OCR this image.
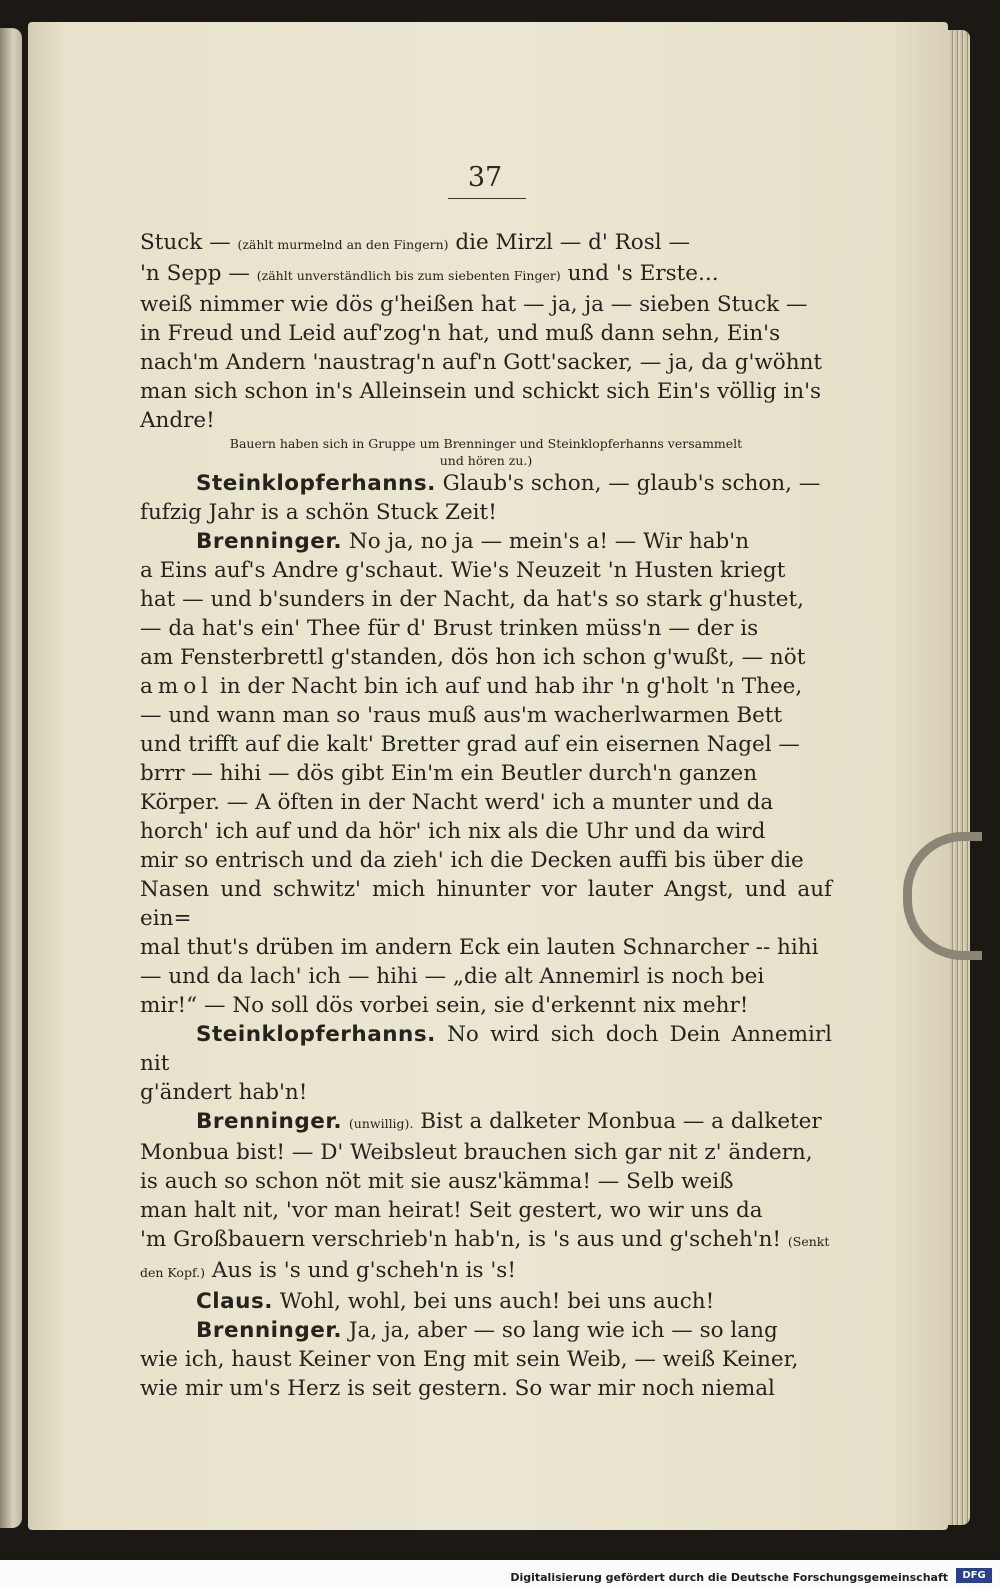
37

Stuck — (zählt murmelnd an den Fingern) die Mirzl — d' Rosl —
'n Sepp — (zählt unverständlich bis zum siebenten Finger) und 's Erste...
weiß nimmer wie dös g'heißen hat — ja, ja — sieben Stuck —
in Freud und Leid auf'zog'n hat, und muß dann sehn, Ein's
nach'm Andern 'naustrag'n auf'n Gott'sacker, — ja, da g'wöhnt
man sich schon in's Alleinsein und schickt sich Ein's völlig in's
Andre!

Bauern haben sich in Gruppe um Brenninger und Steinklopferhanns versammelt
und hören zu.)

Steinklopferhanns. Glaub's schon, — glaub's schon, —
fufzig Jahr is a schön Stuck Zeit!

Brenninger. No ja, no ja — mein's a! — Wir hab'n

a Eins auf's Andre g'schaut. Wie's Neuzeit 'n Husten kriegt
hat — und b'sunders in der Nacht, da hat's so stark g'hustet,
— da hat's ein' Thee für d' Brust trinken müss'n — der is
am Fensterbrettl g'standen, dös hon ich schon g'wußt, — nöt
amol in der Nacht bin ich auf und hab ihr 'n g'holt 'n Thee,
— und wann man so 'raus muß aus'm wacherlwarmen Bett
und trifft auf die kalt' Bretter grad auf ein eisernen Nagel —
brrr — hihi — dös gibt Ein'm ein Beutler durch'n ganzen
Körper. — A öften in der Nacht werd' ich a munter und da
horch' ich auf und da hör' ich nix als die Uhr und da wird
mir so entrisch und da zieh' ich die Decken auffi bis über die
Nasen und schwitz' mich hinunter vor lauter Angst, und auf ein=
mal thut's drüben im andern Eck ein lauten Schnarcher -- hihi
— und da lach' ich — hihi — „die alt Annemirl is noch bei
mir!“ — No soll dös vorbei sein, sie d'erkennt nix mehr!

Steinklopferhanns. No wird sich doch Dein Annemirl nit
g'ändert hab'n!

Brenninger. (unwillig). Bist a dalketer Monbua — a dalketer

Monbua bist! — D' Weibsleut brauchen sich gar nit z' ändern,
is auch so schon nöt mit sie ausz'kämma! — Selb weiß
man halt nit, 'vor man heirat! Seit gestert, wo wir uns da
'm Großbauern verschrieb'n hab'n, is 's aus und g'scheh'n! (Senkt
den Kopf.) Aus is 's und g'scheh'n is 's!

Claus. Wohl, wohl, bei uns auch! bei uns auch!

Brenninger. Ja, ja, aber — so lang wie ich — so lang

wie ich, haust Keiner von Eng mit sein Weib, — weiß Keiner,
wie mir um's Herz is seit gestern. So war mir noch niemal

Digitalisierung gefördert durch die Deutsche Forschungsgemeinschaft	DFG
